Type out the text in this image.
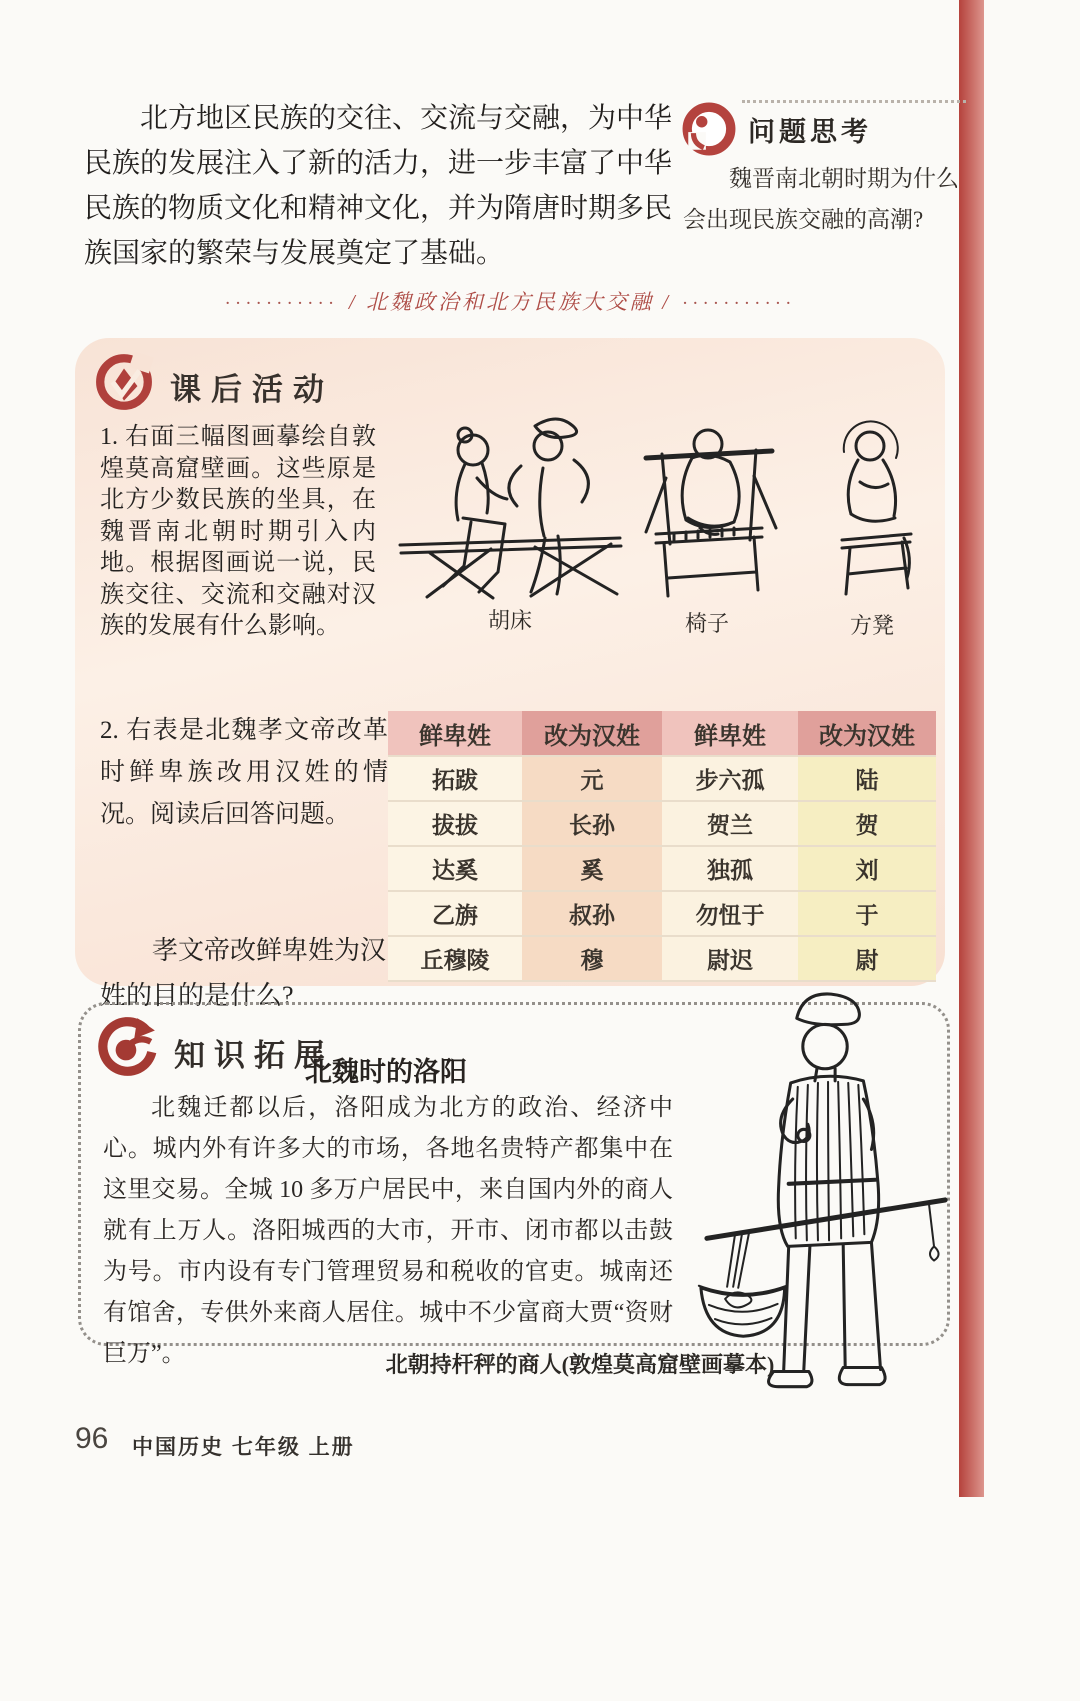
北方地区民族的交往、交流与交融，为中华民族的发展注入了新的活力，进一步丰富了中华民族的物质文化和精神文化，并为隋唐时期多民族国家的繁荣与发展奠定了基础。

问题思考
魏晋南北朝时期为什么会出现民族交融的高潮?
··········· / 北魏政治和北方民族大交融 / ···········
课后活动

1. 右面三幅图画摹绘自敦煌莫高窟壁画。这些原是北方少数民族的坐具，在魏晋南北朝时期引入内地。根据图画说一说，民族交往、交流和交融对汉族的发展有什么影响。	胡床	椅子	方凳

2. 右表是北魏孝文帝改革时鲜卑族改用汉姓的情况。阅读后回答问题。

孝文帝改鲜卑姓为汉姓的目的是什么?

鲜卑姓	改为汉姓	鲜卑姓	改为汉姓
拓跋	元	步六孤	陆
拔拔	长孙	贺兰	贺
达奚	奚	独孤	刘
乙旃	叔孙	勿忸于	于
丘穆陵	穆	尉迟	尉
知识拓展
北魏时的洛阳

北魏迁都以后，洛阳成为北方的政治、经济中心。城内外有许多大的市场，各地名贵特产都集中在这里交易。全城 10 多万户居民中，来自国内外的商人就有上万人。洛阳城西的大市，开市、闭市都以击鼓为号。市内设有专门管理贸易和税收的官吏。城南还有馆舍，专供外来商人居住。城中不少富商大贾“资财巨万”。	北朝持杆秤的商人(敦煌莫高窟壁画摹本)
96 中国历史 七年级 上册
